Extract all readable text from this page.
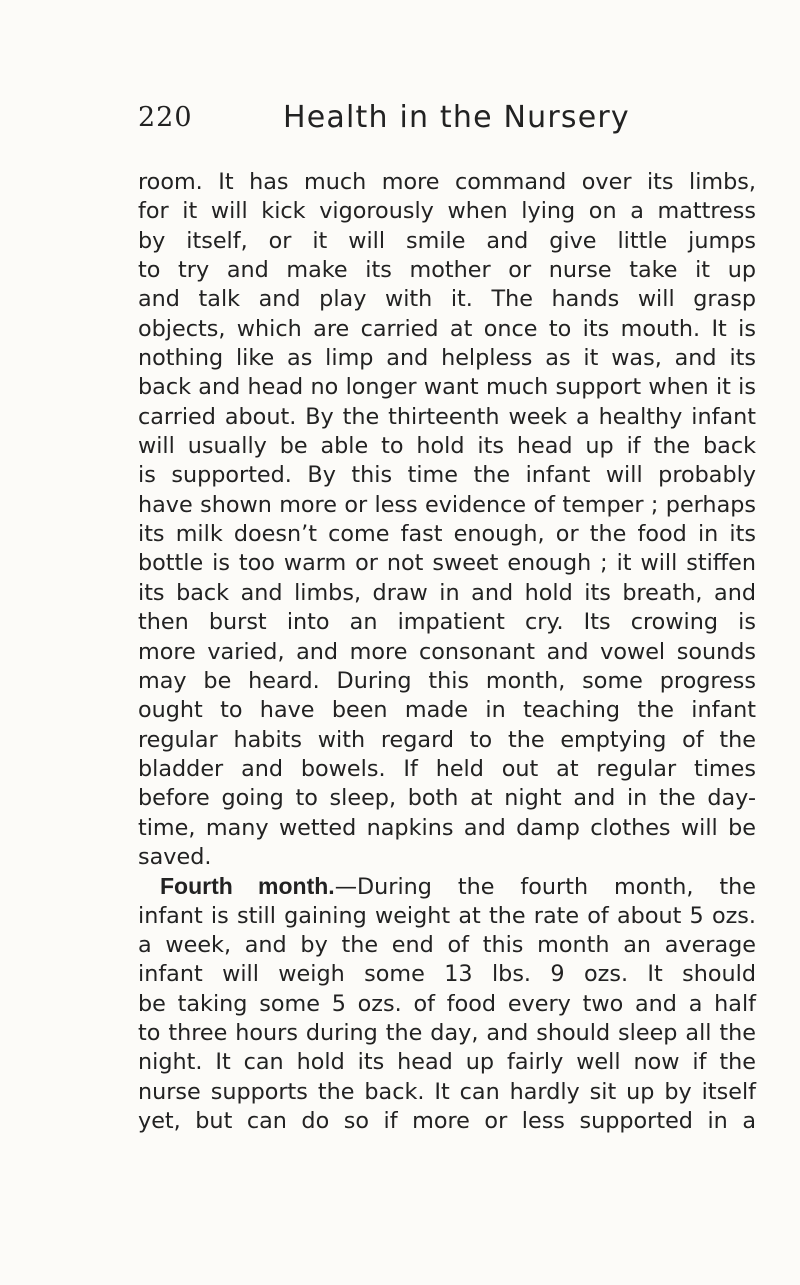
220	Health in the Nursery
room. It has much more command over its limbs,
for it will kick vigorously when lying on a mattress
by itself, or it will smile and give little jumps
to try and make its mother or nurse take it up
and talk and play with it. The hands will grasp
objects, which are carried at once to its mouth. It is
nothing like as limp and helpless as it was, and its
back and head no longer want much support when it is
carried about. By the thirteenth week a healthy infant
will usually be able to hold its head up if the back
is supported. By this time the infant will probably
have shown more or less evidence of temper ; perhaps
its milk doesn’t come fast enough, or the food in its
bottle is too warm or not sweet enough ; it will stiffen
its back and limbs, draw in and hold its breath, and
then burst into an impatient cry. Its crowing is
more varied, and more consonant and vowel sounds
may be heard. During this month, some progress
ought to have been made in teaching the infant
regular habits with regard to the emptying of the
bladder and bowels. If held out at regular times
before going to sleep, both at night and in the day-
time, many wetted napkins and damp clothes will be
saved.
Fourth month.—During the fourth month, the
infant is still gaining weight at the rate of about 5 ozs.
a week, and by the end of this month an average
infant will weigh some 13 lbs. 9 ozs. It should
be taking some 5 ozs. of food every two and a half
to three hours during the day, and should sleep all the
night. It can hold its head up fairly well now if the
nurse supports the back. It can hardly sit up by itself
yet, but can do so if more or less supported in a
